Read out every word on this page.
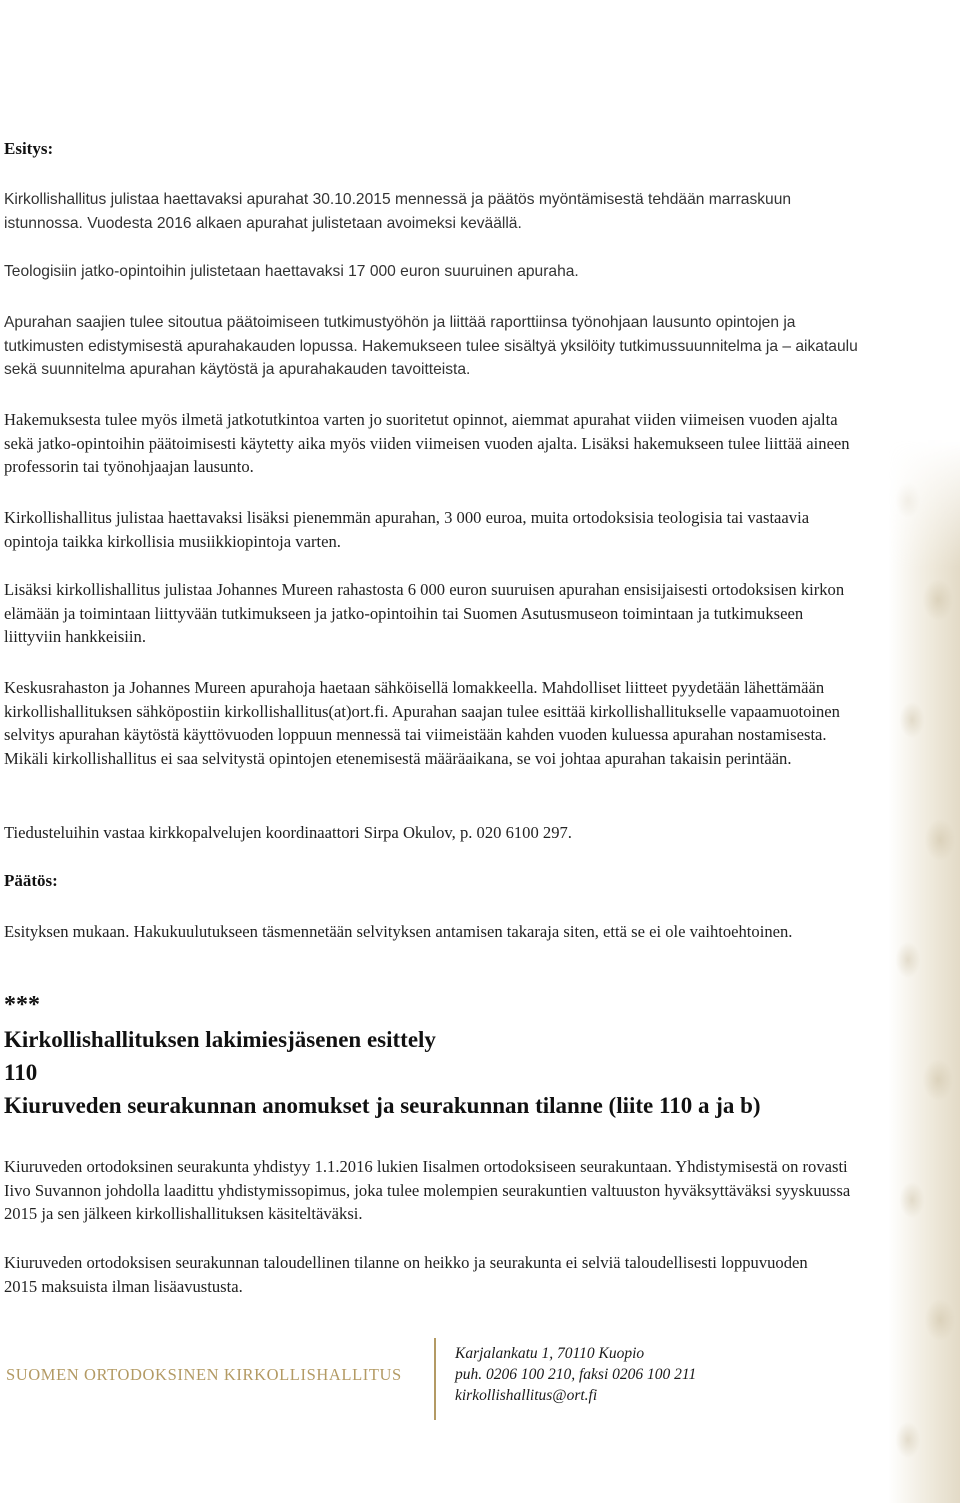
Esitys:

Kirkollishallitus julistaa haettavaksi apurahat 30.10.2015 mennessä ja päätös myöntämisestä tehdään marraskuun istunnossa. Vuodesta 2016 alkaen apurahat julistetaan avoimeksi keväällä.

Teologisiin jatko-opintoihin julistetaan haettavaksi 17 000 euron suuruinen apuraha.

Apurahan saajien tulee sitoutua päätoimiseen tutkimustyöhön ja liittää raporttiinsa työnohjaan lausunto opintojen ja tutkimusten edistymisestä apurahakauden lopussa. Hakemukseen tulee sisältyä yksilöity tutkimussuunnitelma ja – aikataulu sekä suunnitelma apurahan käytöstä ja apurahakauden tavoitteista.

Hakemuksesta tulee myös ilmetä jatkotutkintoa varten jo suoritetut opinnot, aiemmat apurahat viiden viimeisen vuoden ajalta sekä jatko-opintoihin päätoimisesti käytetty aika myös viiden viimeisen vuoden ajalta. Lisäksi hakemukseen tulee liittää aineen professorin tai työnohjaajan lausunto.

Kirkollishallitus julistaa haettavaksi lisäksi pienemmän apurahan, 3 000 euroa, muita ortodoksisia teologisia tai vastaavia opintoja taikka kirkollisia musiikkiopintoja varten.

Lisäksi kirkollishallitus julistaa Johannes Mureen rahastosta 6 000 euron suuruisen apurahan ensisijaisesti ortodoksisen kirkon elämään ja toimintaan liittyvään tutkimukseen ja jatko-opintoihin tai Suomen Asutusmuseon toimintaan ja tutkimukseen liittyviin hankkeisiin.

Keskusrahaston ja Johannes Mureen apurahoja haetaan sähköisellä lomakkeella. Mahdolliset liitteet pyydetään lähettämään kirkollishallituksen sähköpostiin kirkollishallitus(at)ort.fi. Apurahan saajan tulee esittää kirkollishallitukselle vapaamuotoinen selvitys apurahan käytöstä käyttövuoden loppuun mennessä tai viimeistään kahden vuoden kuluessa apurahan nostamisesta. Mikäli kirkollishallitus ei saa selvitystä opintojen etenemisestä määräaikana, se voi johtaa apurahan takaisin perintään.

Tiedusteluihin vastaa kirkkopalvelujen koordinaattori Sirpa Okulov, p. 020 6100 297.

Päätös:

Esityksen mukaan. Hakukuulutukseen täsmennetään selvityksen antamisen takaraja siten, että se ei ole vaihtoehtoinen.

***

Kirkollishallituksen lakimiesjäsenen esittely

110

Kiuruveden seurakunnan anomukset ja seurakunnan tilanne (liite 110 a ja b)

Kiuruveden ortodoksinen seurakunta yhdistyy 1.1.2016 lukien Iisalmen ortodoksiseen seurakuntaan. Yhdistymisestä on rovasti Iivo Suvannon johdolla laadittu yhdistymissopimus, joka tulee molempien seurakuntien valtuuston hyväksyttäväksi syyskuussa 2015 ja sen jälkeen kirkollishallituksen käsiteltäväksi.

Kiuruveden ortodoksisen seurakunnan taloudellinen tilanne on heikko ja seurakunta ei selviä taloudellisesti loppuvuoden 2015 maksuista ilman lisäavustusta.

SUOMEN ORTODOKSINEN KIRKOLLISHALLITUS
Karjalankatu 1, 70110 Kuopio
puh. 0206 100 210, faksi 0206 100 211
kirkollishallitus@ort.fi
